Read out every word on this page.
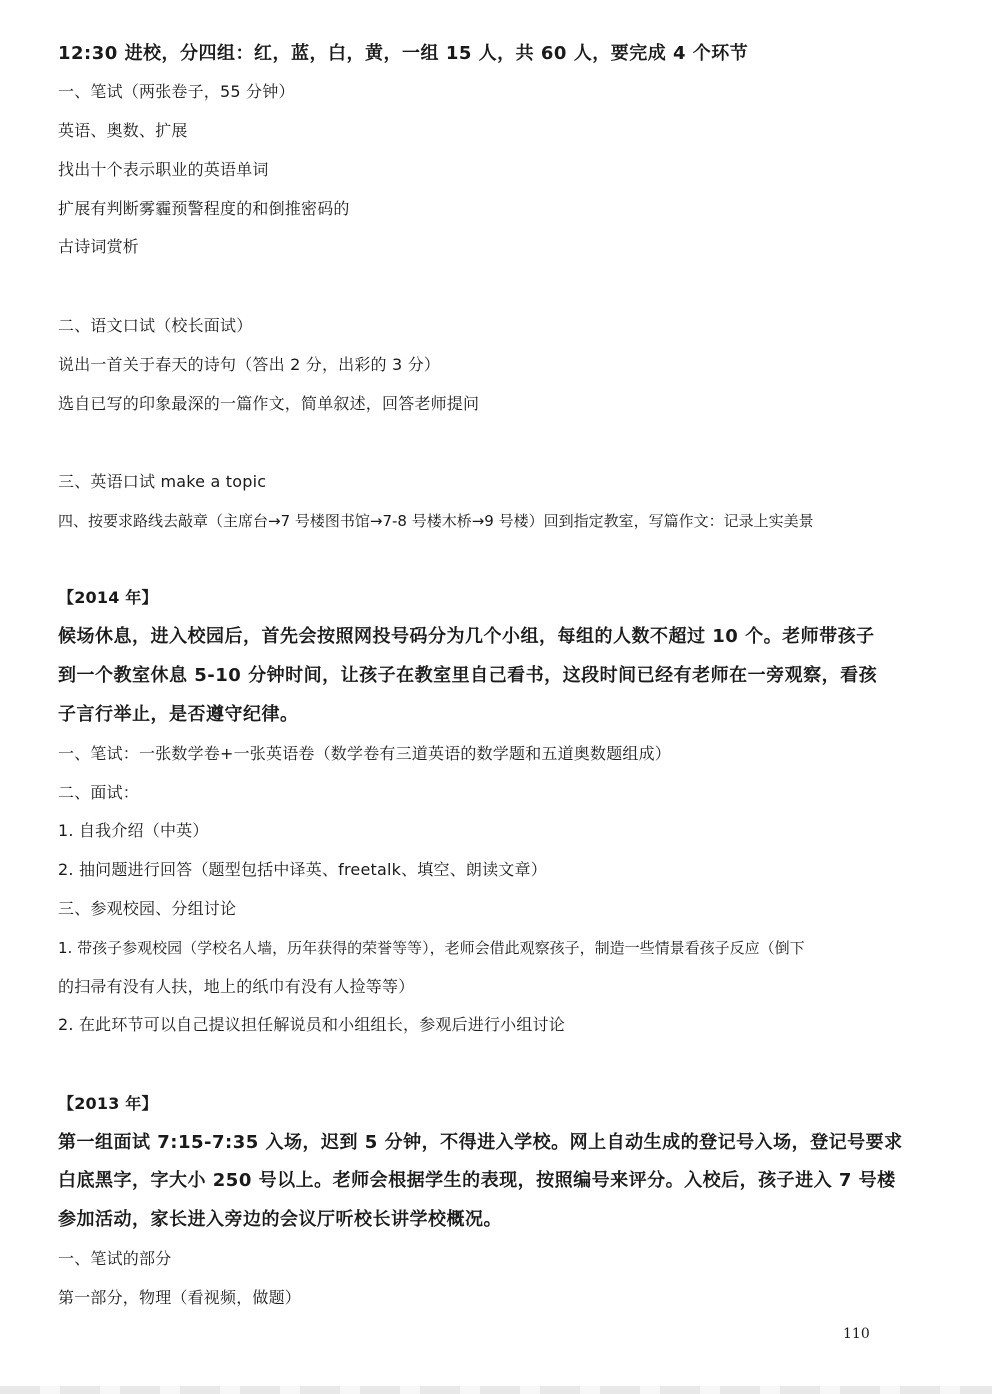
12:30 进校，分四组：红，蓝，白，黄，一组 15 人，共 60 人，要完成 4 个环节
一、笔试（两张卷子，55 分钟）
英语、奥数、扩展
找出十个表示职业的英语单词
扩展有判断雾霾预警程度的和倒推密码的
古诗词赏析
二、语文口试（校长面试）
说出一首关于春天的诗句（答出 2 分，出彩的 3 分）
选自已写的印象最深的一篇作文，简单叙述，回答老师提问
三、英语口试 make a topic
四、按要求路线去敲章（主席台→7 号楼图书馆→7-8 号楼木桥→9 号楼）回到指定教室，写篇作文：记录上实美景
【2014 年】
候场休息，进入校园后，首先会按照网投号码分为几个小组，每组的人数不超过 10 个。老师带孩子
到一个教室休息 5-10 分钟时间，让孩子在教室里自己看书，这段时间已经有老师在一旁观察，看孩
子言行举止，是否遵守纪律。
一、笔试：一张数学卷+一张英语卷（数学卷有三道英语的数学题和五道奥数题组成）
二、面试：
1. 自我介绍（中英）
2. 抽问题进行回答（题型包括中译英、freetalk、填空、朗读文章）
三、参观校园、分组讨论
1. 带孩子参观校园（学校名人墙，历年获得的荣誉等等），老师会借此观察孩子，制造一些情景看孩子反应（倒下
的扫帚有没有人扶，地上的纸巾有没有人捡等等）
2. 在此环节可以自己提议担任解说员和小组组长，参观后进行小组讨论
【2013 年】
第一组面试 7:15-7:35 入场，迟到 5 分钟，不得进入学校。网上自动生成的登记号入场，登记号要求
白底黑字，字大小 250 号以上。老师会根据学生的表现，按照编号来评分。入校后，孩子进入 7 号楼
参加活动，家长进入旁边的会议厅听校长讲学校概况。
一、笔试的部分
第一部分，物理（看视频，做题）
110
